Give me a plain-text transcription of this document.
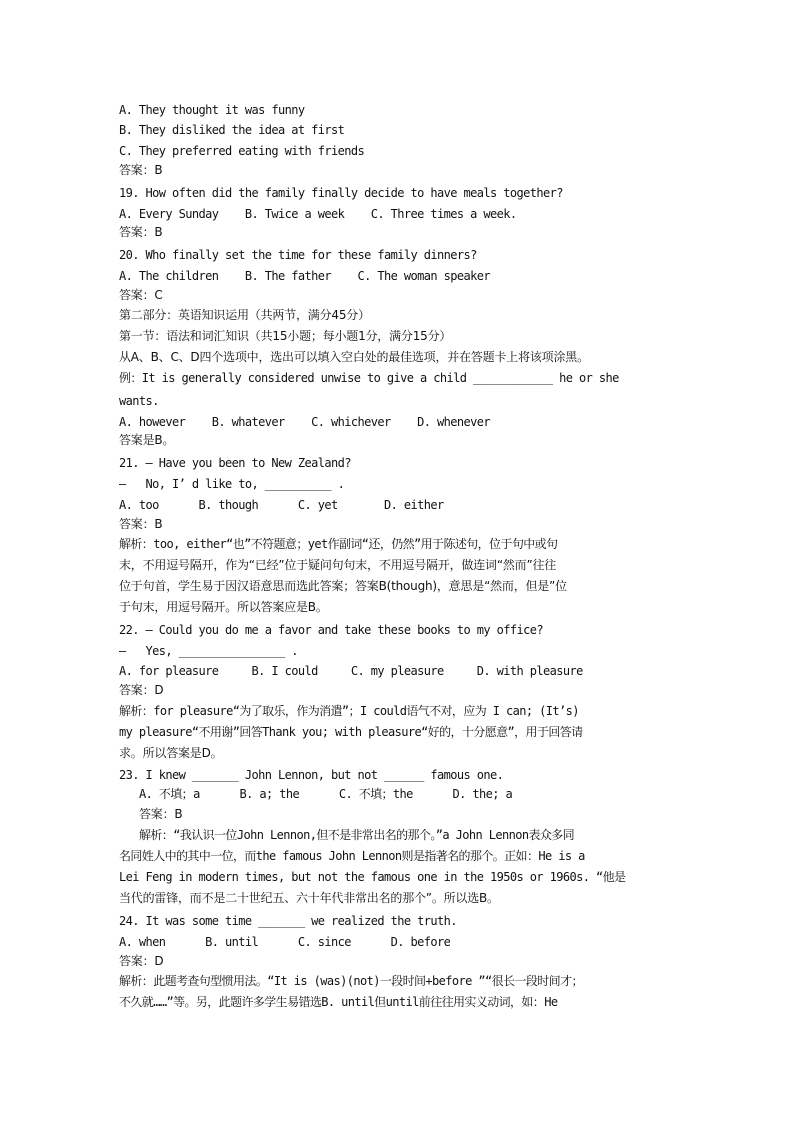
A. They thought it was funny
B. They disliked the idea at first
C. They preferred eating with friends
答案：B
19. How often did the family finally decide to have meals together?
A. Every Sunday    B. Twice a week    C. Three times a week.
答案：B
20. Who finally set the time for these family dinners?
A. The children    B. The father    C. The woman speaker
答案：C
第二部分：英语知识运用（共两节，满分45分）
第一节：语法和词汇知识（共15小题；每小题1分，满分15分）
从A、B、C、D四个选项中，选出可以填入空白处的最佳选项，并在答题卡上将该项涂黑。
例：It is generally considered unwise to give a child ____________ he or she
wants.
A. however    B. whatever    C. whichever    D. whenever
答案是B。
21. – Have you been to New Zealand?
–   No, I’ d like to, __________ .
A. too      B. though      C. yet       D. either
答案：B
解析：too, either“也”不符题意；yet作副词“还，仍然”用于陈述句，位于句中或句
末，不用逗号隔开，作为“已经”位于疑问句句末，不用逗号隔开，做连词“然而”往往
位于句首，学生易于因汉语意思而选此答案；答案B(though)，意思是“然而，但是”位
于句末，用逗号隔开。所以答案应是B。
22. – Could you do me a favor and take these books to my office?
–   Yes, ________________ .
A. for pleasure     B. I could     C. my pleasure     D. with pleasure
答案：D
解析：for pleasure“为了取乐，作为消遣”；I could语气不对，应为 I can; (It’s)
my pleasure“不用谢”回答Thank you; with pleasure“好的，十分愿意”，用于回答请
求。所以答案是D。
23. I knew _______ John Lennon, but not ______ famous one.
A. 不填；a      B. a; the      C. 不填；the      D. the; a
答案：B
解析：“我认识一位John Lennon,但不是非常出名的那个。”a John Lennon表众多同
名同姓人中的其中一位，而the famous John Lennon则是指著名的那个。正如：He is a
Lei Feng in modern times, but not the famous one in the 1950s or 1960s. “他是
当代的雷锋，而不是二十世纪五、六十年代非常出名的那个”。所以选B。
24. It was some time _______ we realized the truth.
A. when      B. until      C. since      D. before
答案：D
解析：此题考查句型惯用法。“It is (was)(not)一段时间+before ”“很长一段时间才；
不久就……”等。另，此题许多学生易错选B. until但until前往往用实义动词，如：He
